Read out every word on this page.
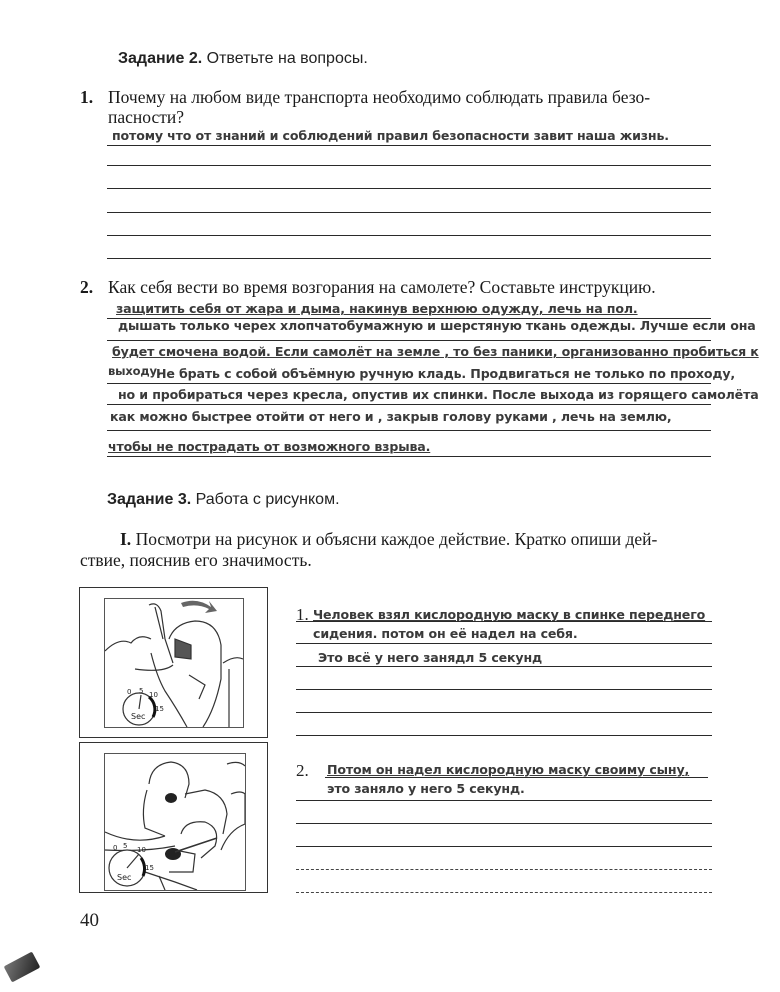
Задание 2. Ответьте на вопросы.
1. Почему на любом виде транспорта необходимо соблюдать правила безо-
пасности?
потому что от знаний и соблюдений правил безопасности завит наша жизнь.
2. Как себя вести во время возгорания на самолете? Составьте инструкцию.
защитить себя от жара и дыма, накинув верхнюю одужду, лечь на пол.
дышать только черех хлопчатобумажную и шерстяную ткань одежды. Лучше если она
будет смочена водой. Если самолёт на земле , то без паники, организованно пробиться к
выходу.
Не брать с собой объёмную ручную кладь. Продвигаться не только по проходу,
но и пробираться через кресла, опустив их спинки. После выхода из горящего самолёта
как можно быстрее отойти от него и , закрыв голову руками , лечь на землю,
чтобы не пострадать от возможного взрыва.
Задание 3. Работа с рисунком.
I. Посмотри на рисунок и объясни каждое действие. Кратко опиши дей-
ствие, пояснив его значимость.
0 5 10
15
Sec
1. Человек взял кислородную маску в спинке переднего
сидения. потом он её надел на себя.
Это всё у него занядл 5 секунд
0 5 10
15
Sec
2. Потом он надел кислородную маску своиму сыну,
это заняло у него 5 секунд.
40
